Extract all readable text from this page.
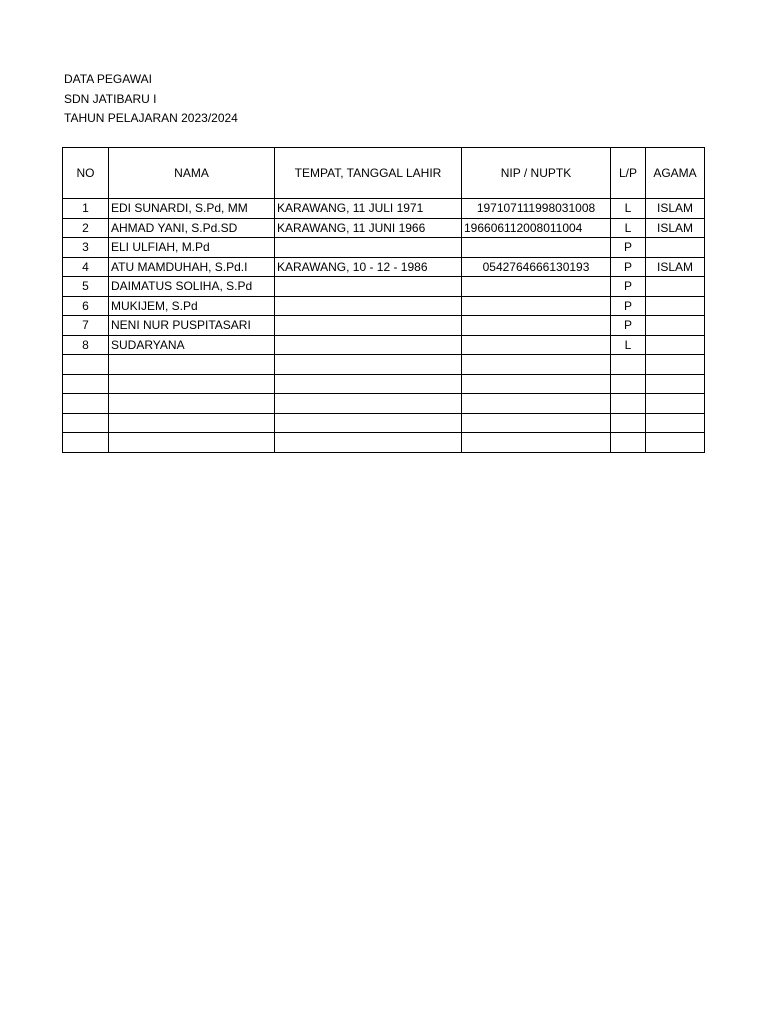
DATA PEGAWAI
SDN JATIBARU I
TAHUN PELAJARAN 2023/2024
NO	NAMA	TEMPAT, TANGGAL LAHIR	NIP / NUPTK	L/P	AGAMA
1	EDI SUNARDI, S.Pd, MM	KARAWANG, 11 JULI 1971	197107111998031008	L	ISLAM
2	AHMAD YANI, S.Pd.SD	KARAWANG, 11 JUNI 1966	196606112008011004	L	ISLAM
3	ELI ULFIAH, M.Pd			P	
4	ATU MAMDUHAH, S.Pd.I	KARAWANG, 10 - 12 - 1986	0542764666130193	P	ISLAM
5	DAIMATUS SOLIHA, S.Pd			P	
6	MUKIJEM, S.Pd			P	
7	NENI NUR PUSPITASARI			P	
8	SUDARYANA			L	
